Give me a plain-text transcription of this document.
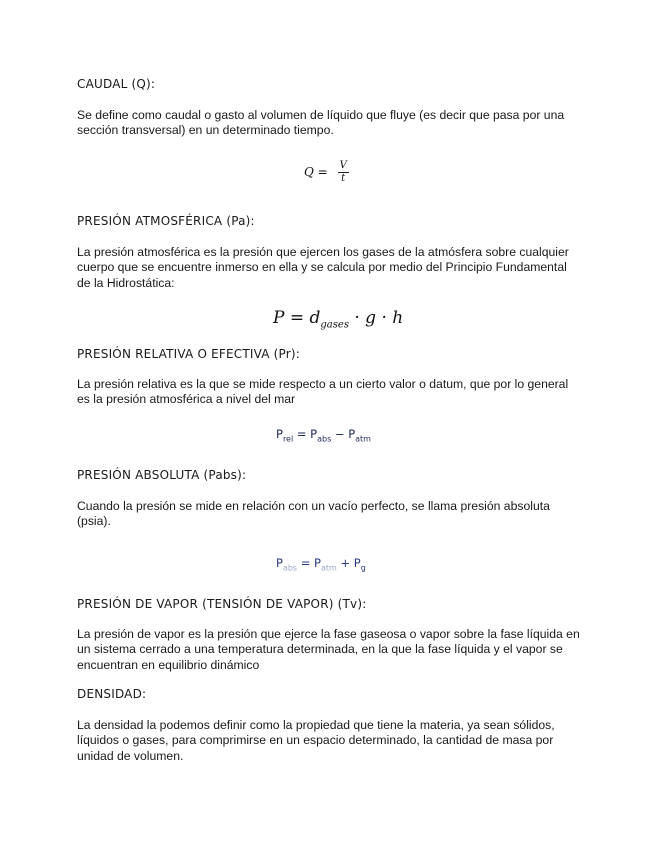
CAUDAL (Q):

Se define como caudal o gasto al volumen de líquido que fluye (es decir que pasa por una sección transversal) en un determinado tiempo.

$Q = \frac{V}{t}$
PRESIÓN ATMOSFÉRICA (Pa):

La presión atmosférica es la presión que ejercen los gases de la atmósfera sobre cualquier cuerpo que se encuentre inmerso en ella y se calcula por medio del Principio Fundamental de la Hidrostática:

$P = d_{gases} \cdot g \cdot h$
PRESIÓN RELATIVA O EFECTIVA (Pr):

La presión relativa es la que se mide respecto a un cierto valor o datum, que por lo general es la presión atmosférica a nivel del mar

$P_{rel} = P_{abs} - P_{atm}$
PRESIÓN ABSOLUTA (Pabs):

Cuando la presión se mide en relación con un vacío perfecto, se llama presión absoluta (psia).

$P_{abs} = P_{atm} + P_g$
PRESIÓN DE VAPOR (TENSIÓN DE VAPOR) (Tv):

La presión de vapor es la presión que ejerce la fase gaseosa o vapor sobre la fase líquida en un sistema cerrado a una temperatura determinada, en la que la fase líquida y el vapor se encuentran en equilibrio dinámico

DENSIDAD:

La densidad la podemos definir como la propiedad que tiene la materia, ya sean sólidos, líquidos o gases, para comprimirse en un espacio determinado, la cantidad de masa por unidad de volumen.
